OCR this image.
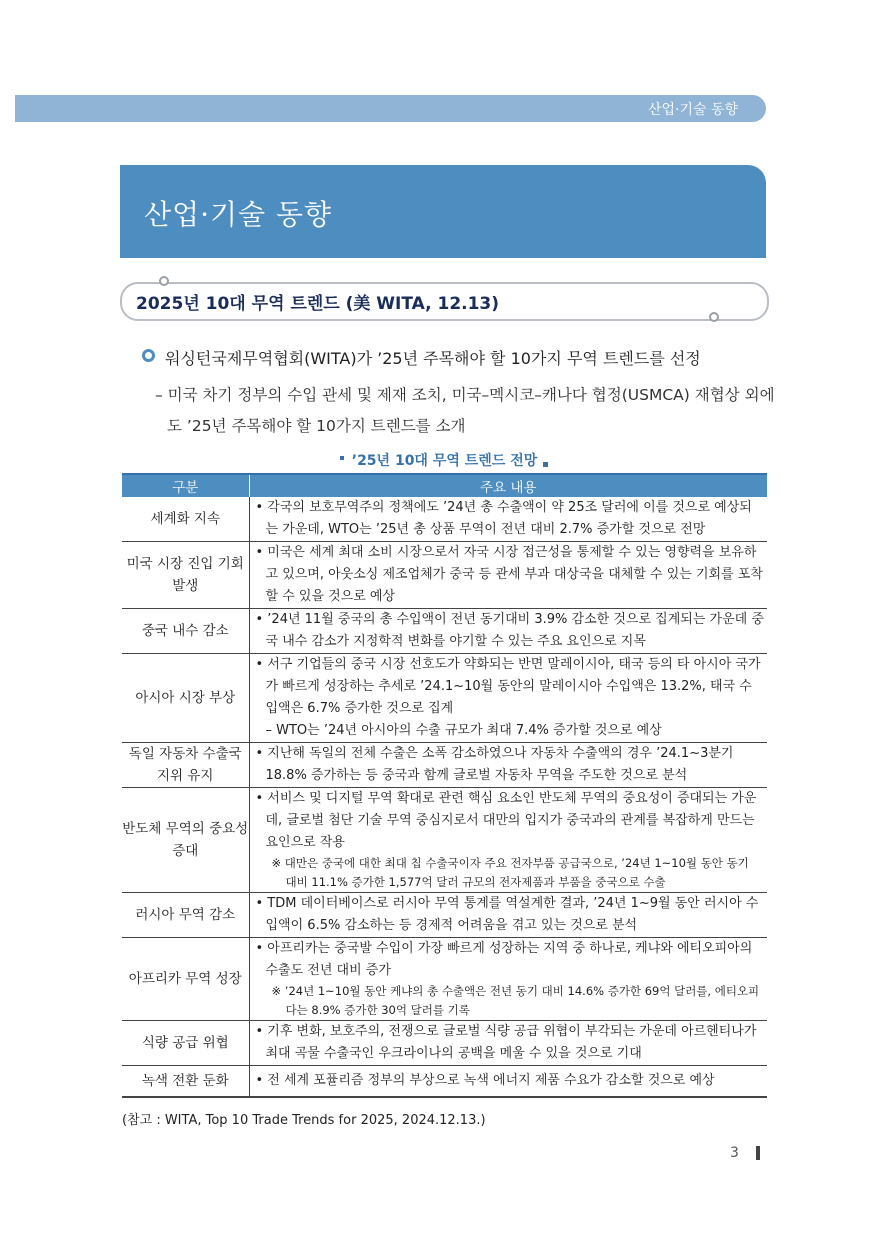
산업·기술 동향
산업·기술 동향
2025년 10대 무역 트렌드 (美 WITA, 12.13)
워싱턴국제무역협회(WITA)가 ’25년 주목해야 할 10가지 무역 트렌드를 선정
– 미국 차기 정부의 수입 관세 및 제재 조치, 미국–멕시코–캐나다 협정(USMCA) 재협상 외에도 ’25년 주목해야 할 10가지 트렌드를 소개
’25년 10대 무역 트렌드 전망
구분	주요 내용
세계화 지속	• 각국의 보호무역주의 정책에도 ’24년 총 수출액이 약 25조 달러에 이를 것으로 예상되는 가운데, WTO는 ’25년 총 상품 무역이 전년 대비 2.7% 증가할 것으로 전망

미국 시장 진입 기회 발생	• 미국은 세계 최대 소비 시장으로서 자국 시장 접근성을 통제할 수 있는 영향력을 보유하고 있으며, 아웃소싱 제조업체가 중국 등 관세 부과 대상국을 대체할 수 있는 기회를 포착할 수 있을 것으로 예상

중국 내수 감소	• ’24년 11월 중국의 총 수입액이 전년 동기대비 3.9% 감소한 것으로 집계되는 가운데 중국 내수 감소가 지정학적 변화를 야기할 수 있는 주요 요인으로 지목

아시아 시장 부상	• 서구 기업들의 중국 시장 선호도가 약화되는 반면 말레이시아, 태국 등의 타 아시아 국가가 빠르게 성장하는 추세로 ’24.1~10월 동안의 말레이시아 수입액은 13.2%, 태국 수입액은 6.7% 증가한 것으로 집계
– WTO는 ’24년 아시아의 수출 규모가 최대 7.4% 증가할 것으로 예상

독일 자동차 수출국 지위 유지	• 지난해 독일의 전체 수출은 소폭 감소하였으나 자동차 수출액의 경우 ’24.1~3분기 18.8% 증가하는 등 중국과 함께 글로벌 자동차 무역을 주도한 것으로 분석

반도체 무역의 중요성 증대	• 서비스 및 디지털 무역 확대로 관련 핵심 요소인 반도체 무역의 중요성이 증대되는 가운데, 글로벌 첨단 기술 무역 중심지로서 대만의 입지가 중국과의 관계를 복잡하게 만드는 요인으로 작용
※ 대만은 중국에 대한 최대 칩 수출국이자 주요 전자부품 공급국으로, ’24년 1~10월 동안 동기 대비 11.1% 증가한 1,577억 달러 규모의 전자제품과 부품을 중국으로 수출

러시아 무역 감소	• TDM 데이터베이스로 러시아 무역 통계를 역설계한 결과, ’24년 1~9월 동안 러시아 수입액이 6.5% 감소하는 등 경제적 어려움을 겪고 있는 것으로 분석

아프리카 무역 성장	• 아프리카는 중국발 수입이 가장 빠르게 성장하는 지역 중 하나로, 케냐와 에티오피아의 수출도 전년 대비 증가
※ ’24년 1~10월 동안 케냐의 총 수출액은 전년 동기 대비 14.6% 증가한 69억 달러를, 에티오피다는 8.9% 증가한 30억 달러를 기록

식량 공급 위협	• 기후 변화, 보호주의, 전쟁으로 글로벌 식량 공급 위협이 부각되는 가운데 아르헨티나가 최대 곡물 수출국인 우크라이나의 공백을 메울 수 있을 것으로 기대

녹색 전환 둔화	• 전 세계 포퓰리즘 정부의 부상으로 녹색 에너지 제품 수요가 감소할 것으로 예상
(참고 : WITA, Top 10 Trade Trends for 2025, 2024.12.13.)
3
